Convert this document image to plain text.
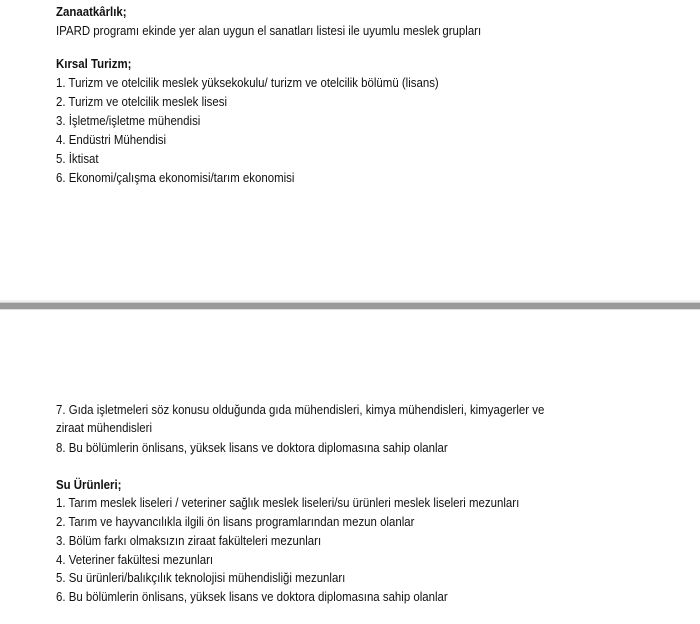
Zanaatkârlık;
IPARD programı ekinde yer alan uygun el sanatları listesi ile uyumlu meslek grupları
Kırsal Turizm;
1. Turizm ve otelcilik meslek yüksekokulu/ turizm ve otelcilik bölümü (lisans)
2. Turizm ve otelcilik meslek lisesi
3. İşletme/işletme mühendisi
4. Endüstri Mühendisi
5. İktisat
6. Ekonomi/çalışma ekonomisi/tarım ekonomisi
7. Gıda işletmeleri söz konusu olduğunda gıda mühendisleri, kimya mühendisleri, kimyagerler ve
ziraat mühendisleri
8. Bu bölümlerin önlisans, yüksek lisans ve doktora diplomasına sahip olanlar
Su Ürünleri;
1. Tarım meslek liseleri / veteriner sağlık meslek liseleri/su ürünleri meslek liseleri mezunları
2. Tarım ve hayvancılıkla ilgili ön lisans programlarından mezun olanlar
3. Bölüm farkı olmaksızın ziraat fakülteleri mezunları
4. Veteriner fakültesi mezunları
5. Su ürünleri/balıkçılık teknolojisi mühendisliği mezunları
6. Bu bölümlerin önlisans, yüksek lisans ve doktora diplomasına sahip olanlar
